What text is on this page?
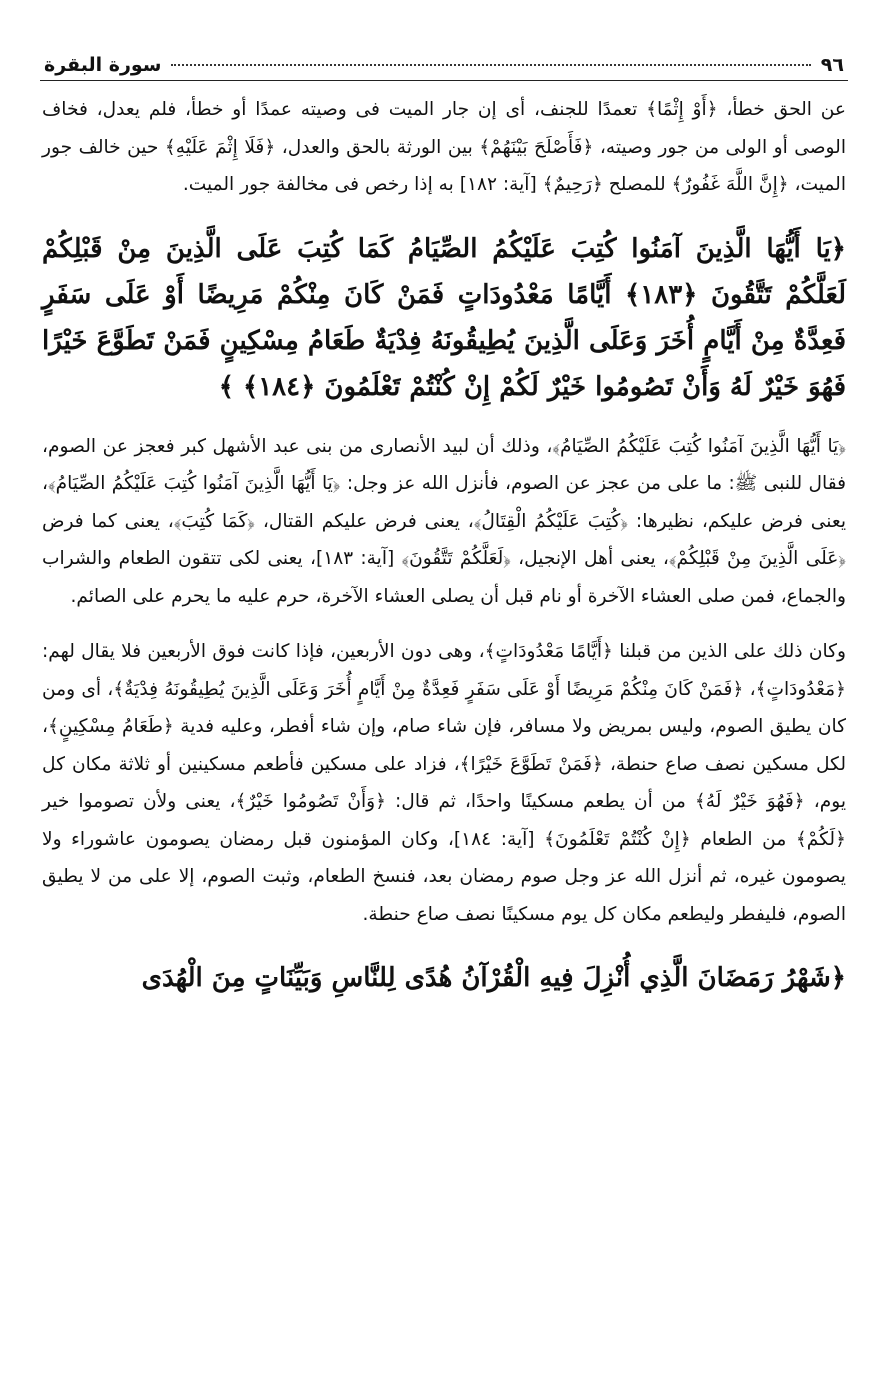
٩٦
سورة البقرة

عن الحق خطأ، ﴿أَوْ إِثْمًا﴾ تعمدًا للجنف، أى إن جار الميت فى وصيته عمدًا أو خطأ، فلم يعدل، فخاف الوصى أو الولى من جور وصيته، ﴿فَأَصْلَحَ بَيْنَهُمْ﴾ بين الورثة بالحق والعدل، ﴿فَلَا إِثْمَ عَلَيْهِ﴾ حين خالف جور الميت، ﴿إِنَّ اللَّهَ غَفُورٌ﴾ للمصلح ﴿رَحِيمٌ﴾ [آية: ١٨٢] به إذا رخص فى مخالفة جور الميت.

﴿يَا أَيُّهَا الَّذِينَ آمَنُوا كُتِبَ عَلَيْكُمُ الصِّيَامُ كَمَا كُتِبَ عَلَى الَّذِينَ مِنْ قَبْلِكُمْ لَعَلَّكُمْ تَتَّقُونَ ﴿١٨٣﴾ أَيَّامًا مَعْدُودَاتٍ فَمَنْ كَانَ مِنْكُمْ مَرِيضًا أَوْ عَلَى سَفَرٍ فَعِدَّةٌ مِنْ أَيَّامٍ أُخَرَ وَعَلَى الَّذِينَ يُطِيقُونَهُ فِدْيَةٌ طَعَامُ مِسْكِينٍ فَمَنْ تَطَوَّعَ خَيْرًا فَهُوَ خَيْرٌ لَهُ وَأَنْ تَصُومُوا خَيْرٌ لَكُمْ إِنْ كُنْتُمْ تَعْلَمُونَ ﴿١٨٤﴾ ﴾

﴿يَا أَيُّهَا الَّذِينَ آمَنُوا كُتِبَ عَلَيْكُمُ الصِّيَامُ﴾، وذلك أن لبيد الأنصارى من بنى عبد الأشهل كبر فعجز عن الصوم، فقال للنبى ﷺ: ما على من عجز عن الصوم، فأنزل الله عز وجل: ﴿يَا أَيُّهَا الَّذِينَ آمَنُوا كُتِبَ عَلَيْكُمُ الصِّيَامُ﴾، يعنى فرض عليكم، نظيرها: ﴿كُتِبَ عَلَيْكُمُ الْقِتَالُ﴾، يعنى فرض عليكم القتال، ﴿كَمَا كُتِبَ﴾، يعنى كما فرض ﴿عَلَى الَّذِينَ مِنْ قَبْلِكُمْ﴾، يعنى أهل الإنجيل، ﴿لَعَلَّكُمْ تَتَّقُونَ﴾ [آية: ١٨٣]، يعنى لكى تتقون الطعام والشراب والجماع، فمن صلى العشاء الآخرة أو نام قبل أن يصلى العشاء الآخرة، حرم عليه ما يحرم على الصائم.

وكان ذلك على الذين من قبلنا ﴿أَيَّامًا مَعْدُودَاتٍ﴾، وهى دون الأربعين، فإذا كانت فوق الأربعين فلا يقال لهم: ﴿مَعْدُودَاتٍ﴾، ﴿فَمَنْ كَانَ مِنْكُمْ مَرِيضًا أَوْ عَلَى سَفَرٍ فَعِدَّةٌ مِنْ أَيَّامٍ أُخَرَ وَعَلَى الَّذِينَ يُطِيقُونَهُ فِدْيَةٌ﴾، أى ومن كان يطيق الصوم، وليس بمريض ولا مسافر، فإن شاء صام، وإن شاء أفطر، وعليه فدية ﴿طَعَامُ مِسْكِينٍ﴾، لكل مسكين نصف صاع حنطة، ﴿فَمَنْ تَطَوَّعَ خَيْرًا﴾، فزاد على مسكين فأطعم مسكينين أو ثلاثة مكان كل يوم، ﴿فَهُوَ خَيْرٌ لَهُ﴾ من أن يطعم مسكينًا واحدًا، ثم قال: ﴿وَأَنْ تَصُومُوا خَيْرٌ﴾، يعنى ولأن تصوموا خير ﴿لَكُمْ﴾ من الطعام ﴿إِنْ كُنْتُمْ تَعْلَمُونَ﴾ [آية: ١٨٤]، وكان المؤمنون قبل رمضان يصومون عاشوراء ولا يصومون غيره، ثم أنزل الله عز وجل صوم رمضان بعد، فنسخ الطعام، وثبت الصوم، إلا على من لا يطيق الصوم، فليفطر وليطعم مكان كل يوم مسكينًا نصف صاع حنطة.

﴿شَهْرُ رَمَضَانَ الَّذِي أُنْزِلَ فِيهِ الْقُرْآنُ هُدًى لِلنَّاسِ وَبَيِّنَاتٍ مِنَ الْهُدَى
